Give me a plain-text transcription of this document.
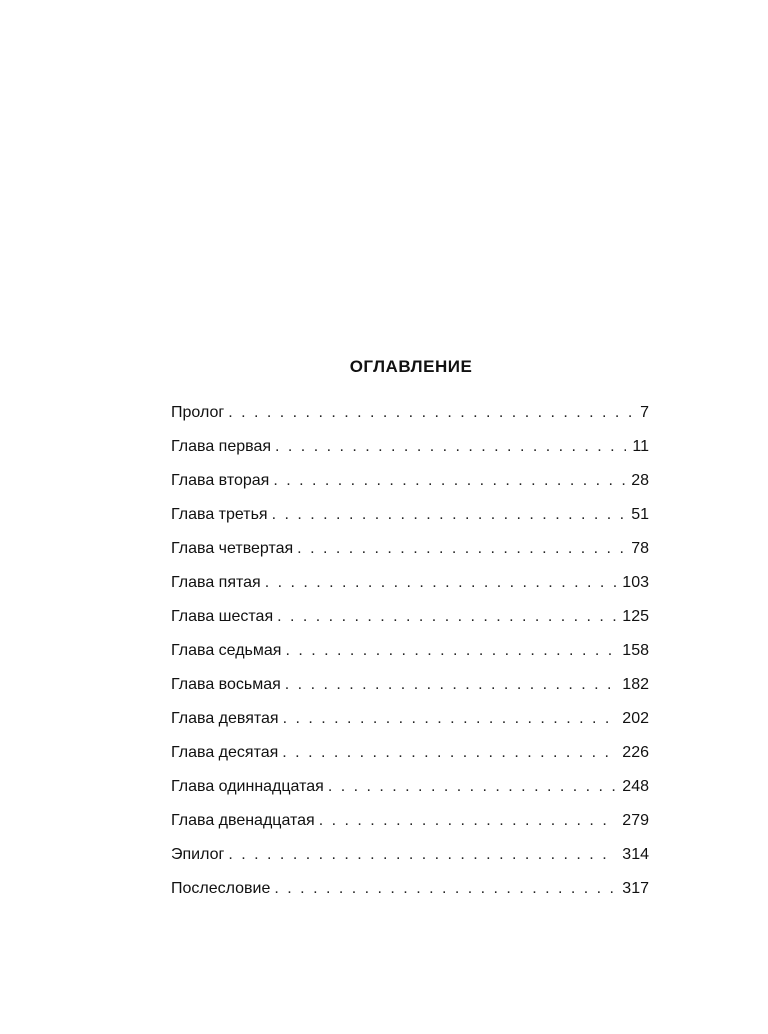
ОГЛАВЛЕНИЕ
Пролог . . .	7
Глава первая . . .	11
Глава вторая . . .	28
Глава третья . . .	51
Глава четвертая . . .	78
Глава пятая . . .	103
Глава шестая . . .	125
Глава седьмая . . .	158
Глава восьмая . . .	182
Глава девятая . . .	202
Глава десятая . . .	226
Глава одиннадцатая . . .	248
Глава двенадцатая . . .	279
Эпилог . . .	314
Послесловие . . .	317
